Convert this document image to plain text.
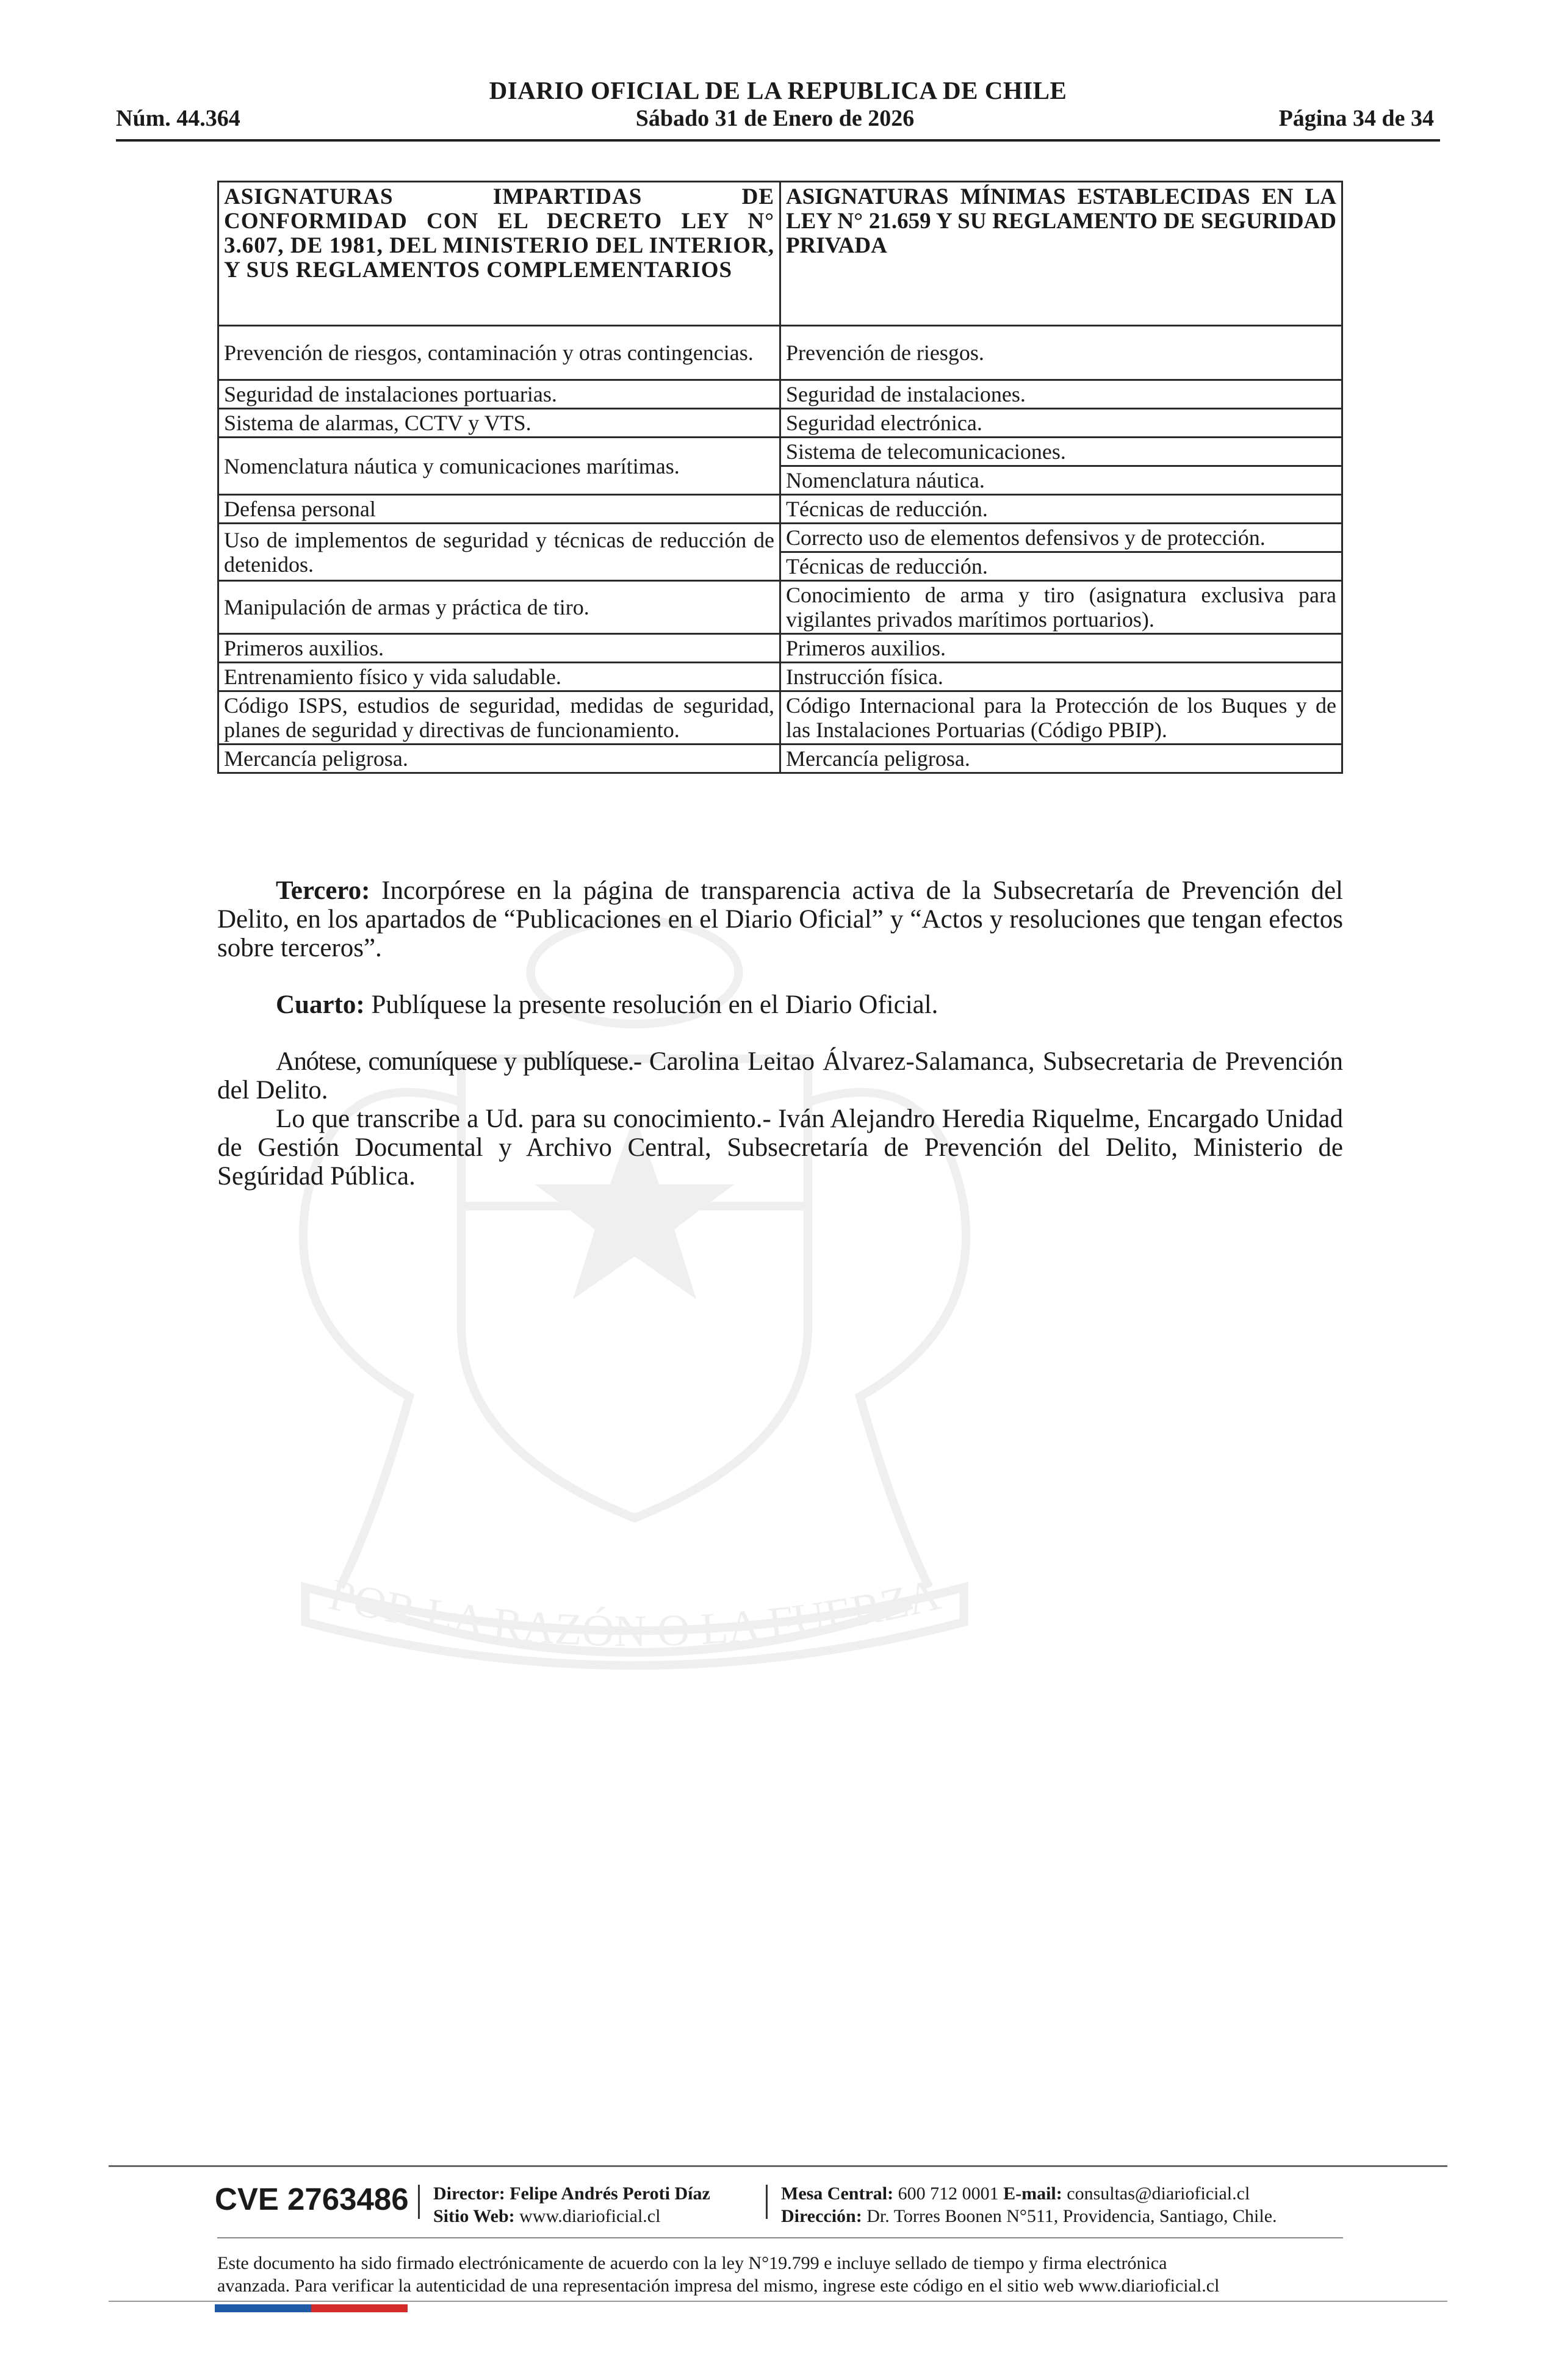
POR LA RAZÓN O LA FUERZA
DIARIO OFICIAL DE LA REPUBLICA DE CHILE
Sábado 31 de Enero de 2026
Núm. 44.364	Página 34 de 34
ASIGNATURAS IMPARTIDAS DE CONFORMIDAD CON EL DECRETO LEY N° 3.607, DE 1981, DEL MINISTERIO DEL INTERIOR, Y SUS REGLAMENTOS COMPLEMENTARIOS	ASIGNATURAS MÍNIMAS ESTABLECIDAS EN LA LEY N° 21.659 Y SU REGLAMENTO DE SEGURIDAD PRIVADA
Prevención de riesgos, contaminación y otras contingencias.	Prevención de riesgos.
Seguridad de instalaciones portuarias.	Seguridad de instalaciones.
Sistema de alarmas, CCTV y VTS.	Seguridad electrónica.
Nomenclatura náutica y comunicaciones marítimas.	Sistema de telecomunicaciones.
	Nomenclatura náutica.
Defensa personal	Técnicas de reducción.
Uso de implementos de seguridad y técnicas de reducción de detenidos.	Correcto uso de elementos defensivos y de protección.
	Técnicas de reducción.
Manipulación de armas y práctica de tiro.	Conocimiento de arma y tiro (asignatura exclusiva para vigilantes privados marítimos portuarios).
Primeros auxilios.	Primeros auxilios.
Entrenamiento físico y vida saludable.	Instrucción física.
Código ISPS, estudios de seguridad, medidas de seguridad, planes de seguridad y directivas de funcionamiento.	Código Internacional para la Protección de los Buques y de las Instalaciones Portuarias (Código PBIP).
Mercancía peligrosa.	Mercancía peligrosa.

Tercero: Incorpórese en la página de transparencia activa de la Subsecretaría de Prevención del Delito, en los apartados de “Publicaciones en el Diario Oficial” y “Actos y resoluciones que tengan efectos sobre terceros”.

Cuarto: Publíquese la presente resolución en el Diario Oficial.

Anótese, comuníquese y publíquese.- Carolina Leitao Álvarez-Salamanca, Subsecretaria de Prevención del Delito.

Lo que transcribe a Ud. para su conocimiento.- Iván Alejandro Heredia Riquelme, Encargado Unidad de Gestión Documental y Archivo Central, Subsecretaría de Prevención del Delito, Ministerio de Segúridad Pública.

CVE 2763486 Director: Felipe Andrés Peroti Díaz
Sitio Web: www.diarioficial.cl
Mesa Central: 600 712 0001 E-mail: consultas@diarioficial.cl
Dirección: Dr. Torres Boonen N°511, Providencia, Santiago, Chile.
Este documento ha sido firmado electrónicamente de acuerdo con la ley N°19.799 e incluye sellado de tiempo y firma electrónica
avanzada. Para verificar la autenticidad de una representación impresa del mismo, ingrese este código en el sitio web www.diarioficial.cl
